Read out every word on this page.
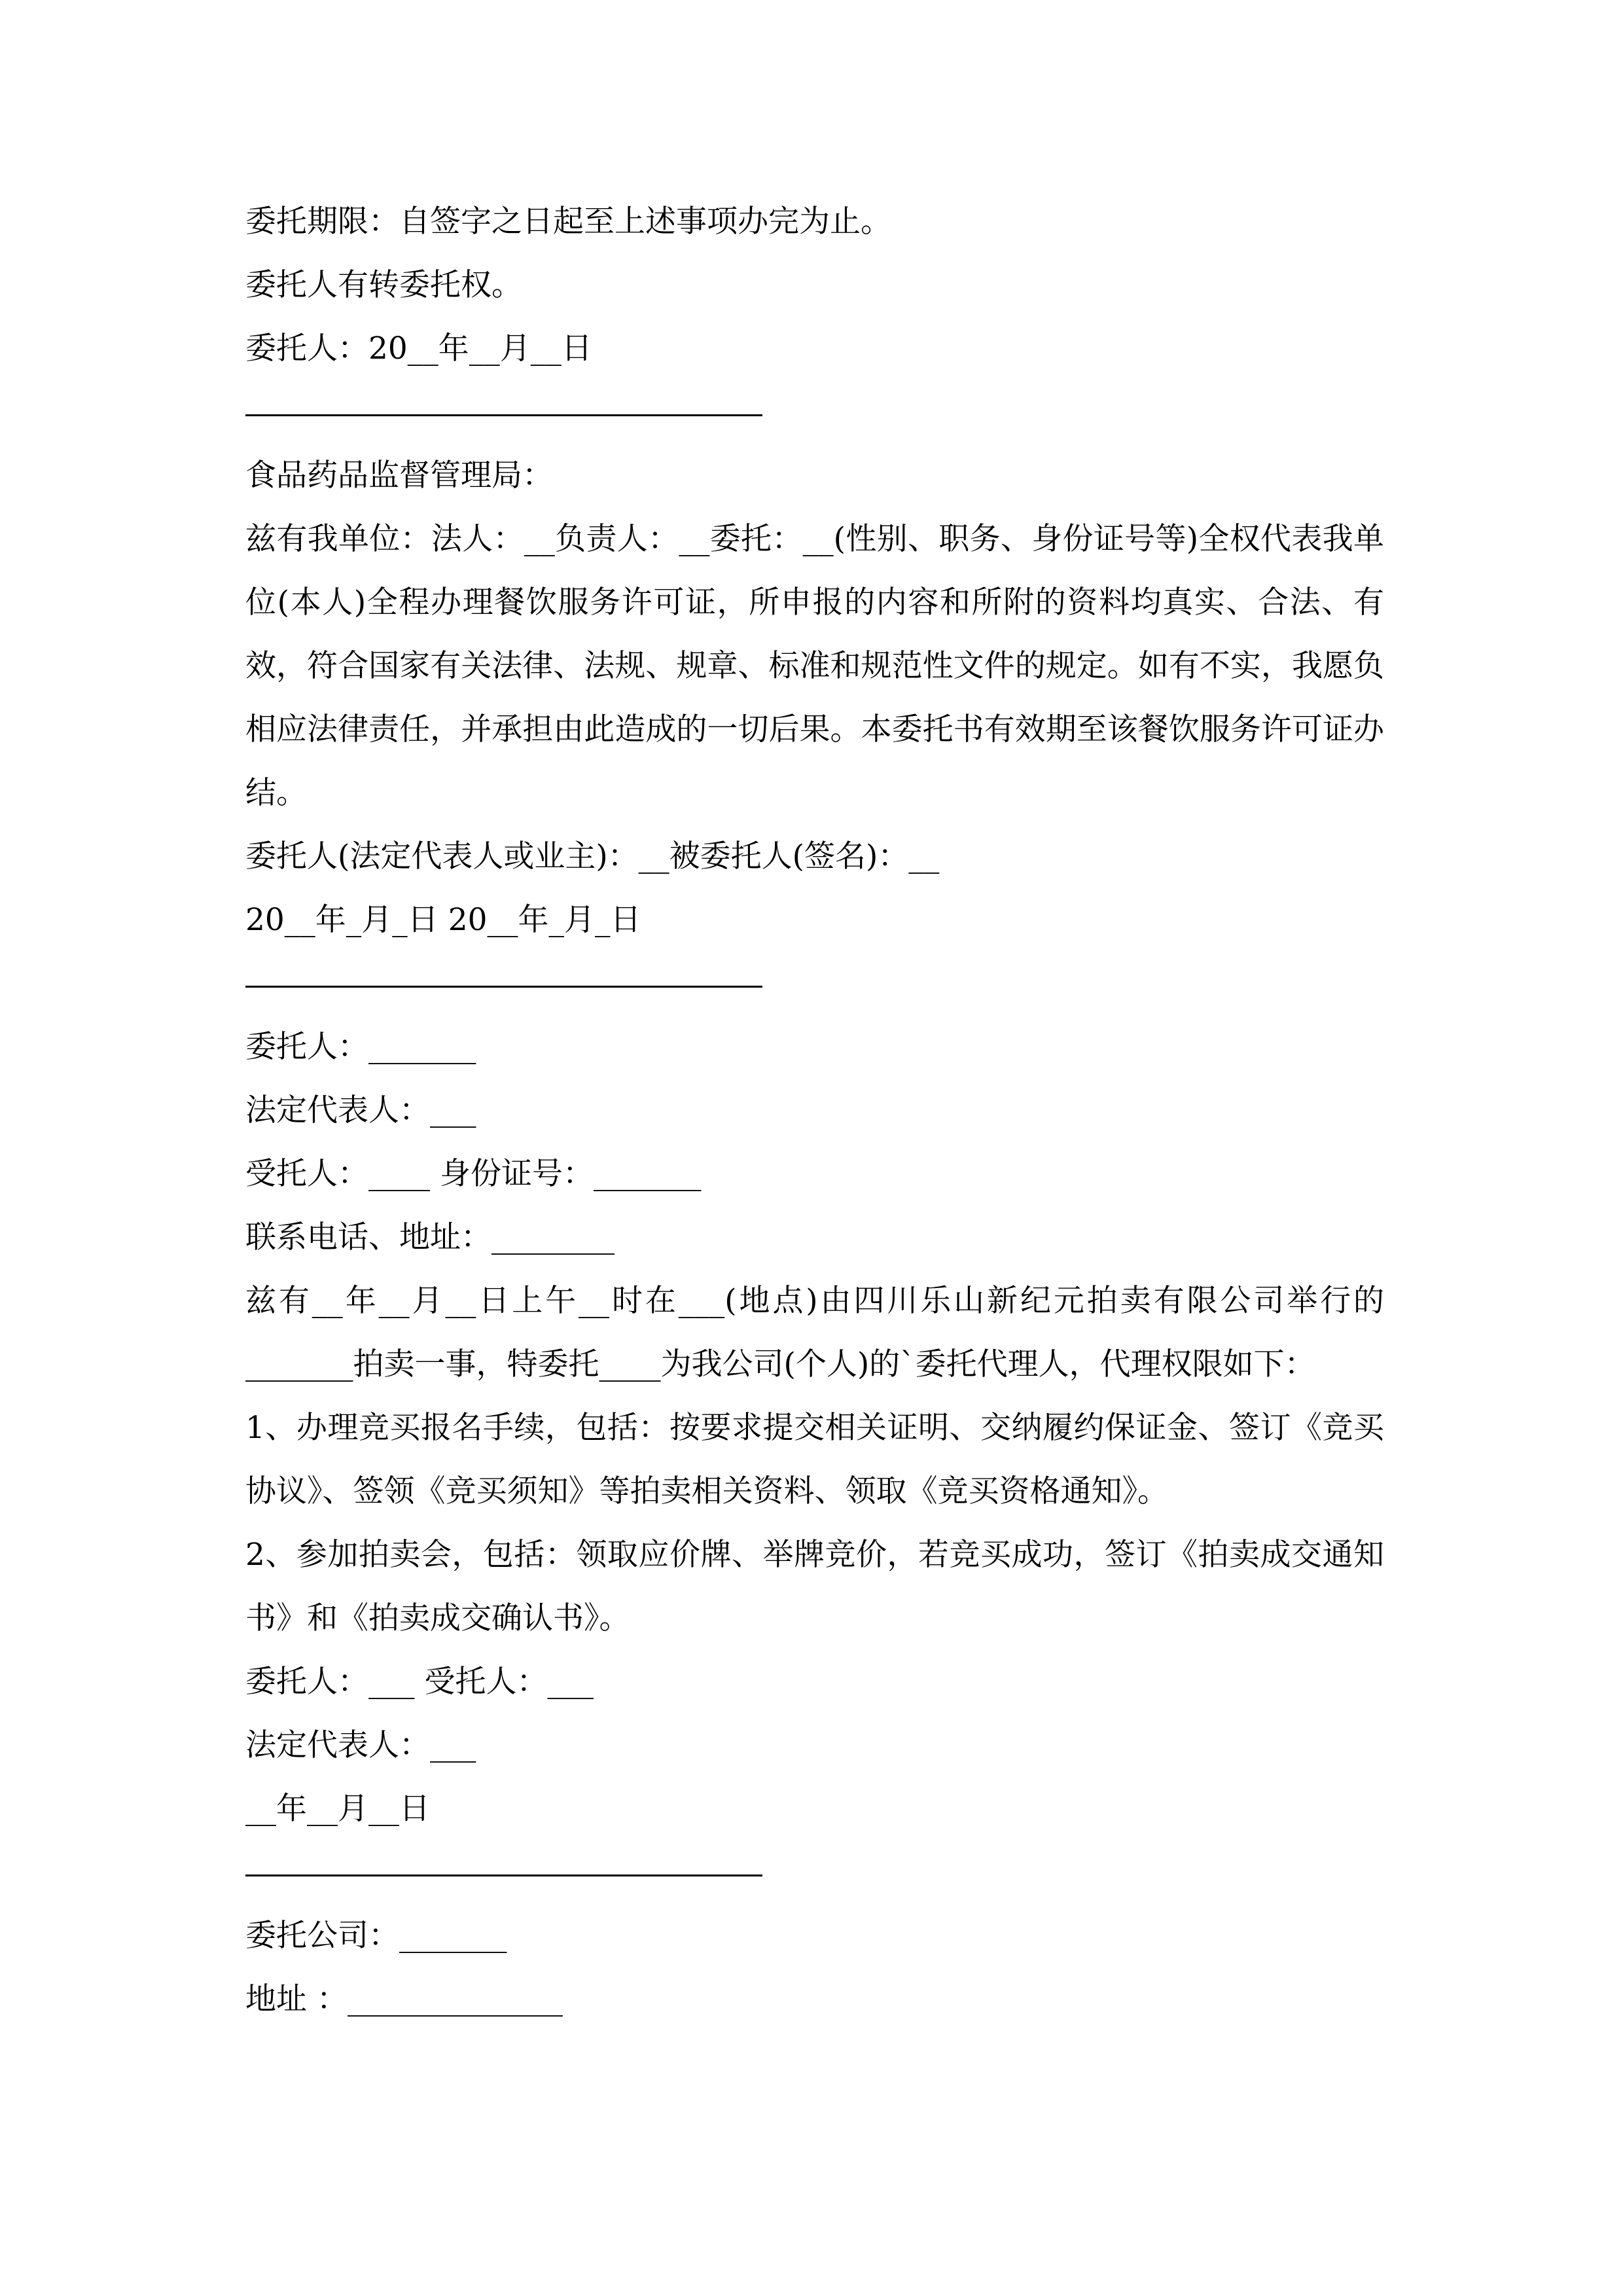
委托期限：自签字之日起至上述事项办完为止。

委托人有转委托权。

委托人：20__年__月__日

食品药品监督管理局：

兹有我单位：法人：__负责人：__委托：__(性别、职务、身份证号等)全权代表我单位(本人)全程办理餐饮服务许可证，所申报的内容和所附的资料均真实、合法、有效，符合国家有关法律、法规、规章、标准和规范性文件的规定。如有不实，我愿负相应法律责任，并承担由此造成的一切后果。本委托书有效期至该餐饮服务许可证办结。

委托人(法定代表人或业主)：__被委托人(签名)：__

20__年_月_日 20__年_月_日

委托人：_______

法定代表人：___

受托人：____ 身份证号：_______

联系电话、地址：________

兹有__年__月__日上午__时在___(地点)由四川乐山新纪元拍卖有限公司举行的_______拍卖一事，特委托____为我公司(个人)的`委托代理人，代理权限如下：

1、办理竞买报名手续，包括：按要求提交相关证明、交纳履约保证金、签订《竞买协议》、签领《竞买须知》等拍卖相关资料、领取《竞买资格通知》。

2、参加拍卖会，包括：领取应价牌、举牌竞价，若竞买成功，签订《拍卖成交通知书》和《拍卖成交确认书》。

委托人：___ 受托人：___

法定代表人：___

__年__月__日

委托公司：_______

地址 ：______________
